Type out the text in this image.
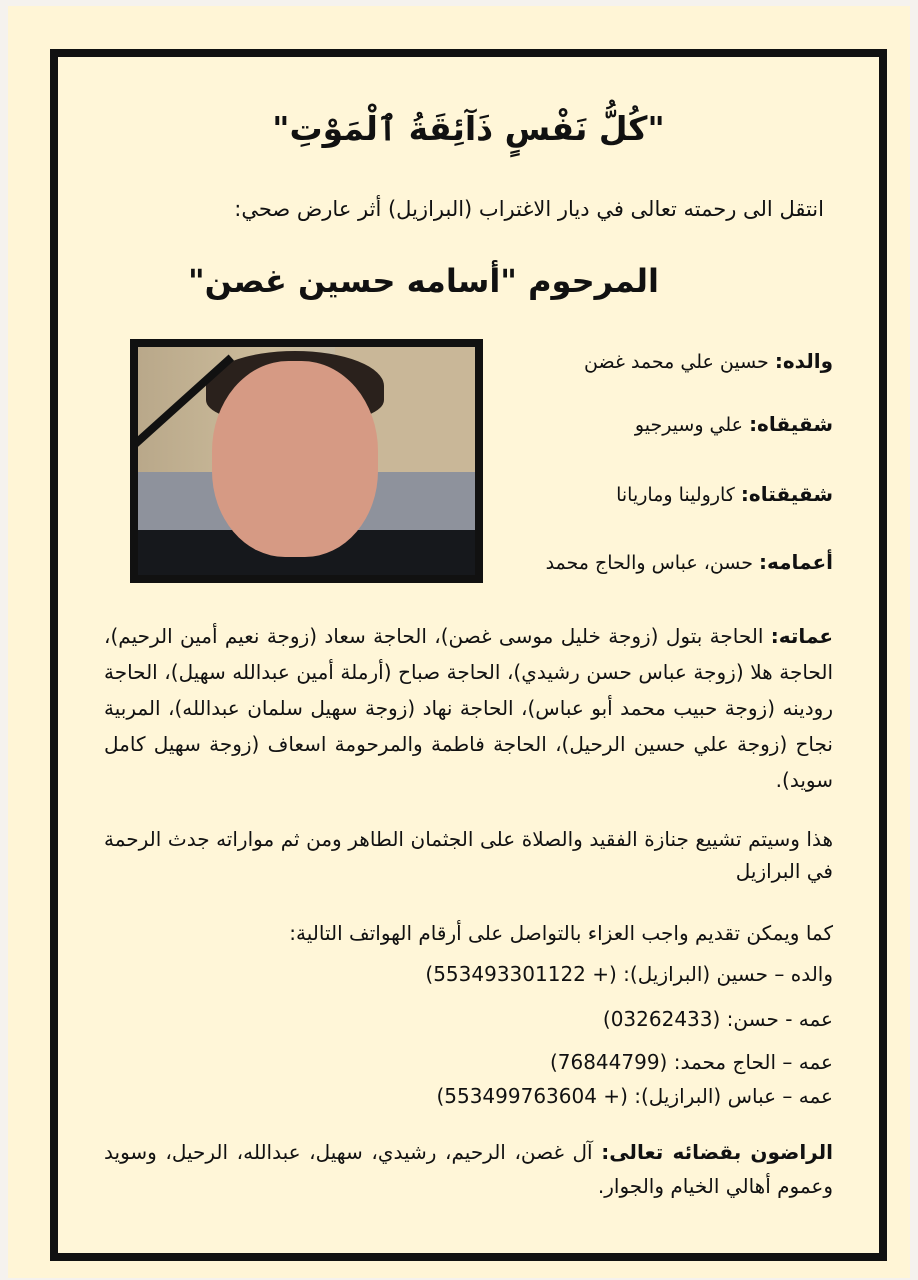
"كُلُّ نَفْسٍ ذَآئِقَةُ ٱلْمَوْتِ"
انتقل الى رحمته تعالى في ديار الاغتراب (البرازيل) أثر عارض صحي:
المرحوم "أسامه حسين غصن"
والده: حسين علي محمد غضن
شقيقاه: علي وسيرجيو
شقيقتاه: كارولينا وماريانا
أعمامه: حسن، عباس والحاج محمد
عماته: الحاجة بتول (زوجة خليل موسى غصن)، الحاجة سعاد (زوجة نعيم أمين الرحيم)، الحاجة هلا (زوجة عباس حسن رشيدي)، الحاجة صباح (أرملة أمين عبدالله سهيل)، الحاجة رودينه (زوجة حبيب محمد أبو عباس)، الحاجة نهاد (زوجة سهيل سلمان عبدالله)، المربية نجاح (زوجة علي حسين الرحيل)، الحاجة فاطمة والمرحومة اسعاف (زوجة سهيل كامل سويد).
هذا وسيتم تشييع جنازة الفقيد والصلاة على الجثمان الطاهر ومن ثم مواراته جدث الرحمة في البرازيل
كما ويمكن تقديم واجب العزاء بالتواصل على أرقام الهواتف التالية:
والده – حسين (البرازيل): (553493301122 +)
عمه - حسن: (03262433)
عمه – الحاج محمد: (76844799)
عمه – عباس (البرازيل): (553499763604 +)
الراضون بقضائه تعالى: آل غصن، الرحيم، رشيدي، سهيل، عبدالله، الرحيل، وسويد وعموم أهالي الخيام والجوار.
